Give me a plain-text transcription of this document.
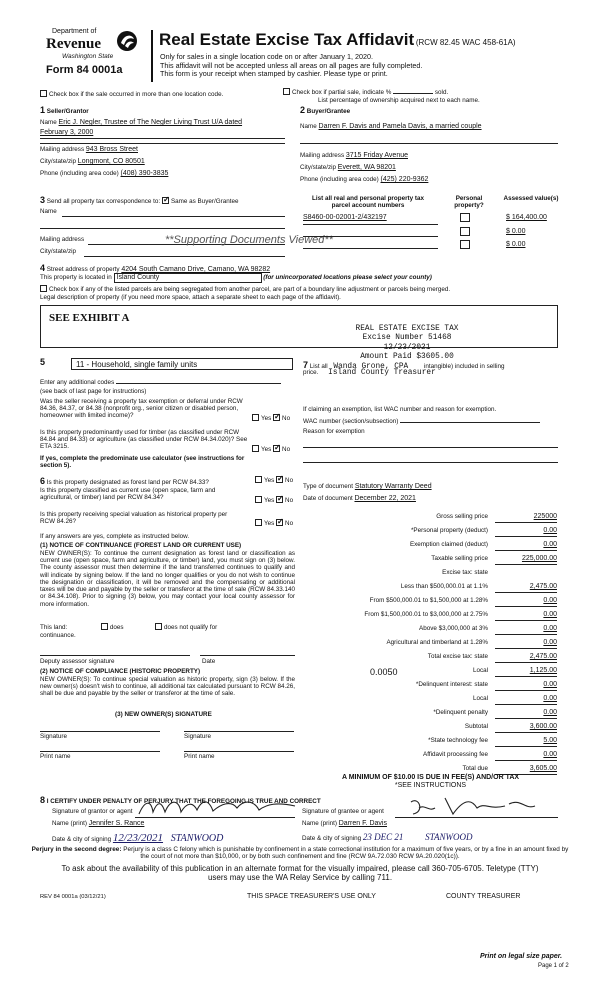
Department of
Revenue
Washington State
Form 84 0001a
Real Estate Excise Tax Affidavit (RCW 82.45 WAC 458-61A)
Only for sales in a single location code on or after January 1, 2020.
This affidavit will not be accepted unless all areas on all pages are fully completed.
This form is your receipt when stamped by cashier. Please type or print.
Check box if the sale occurred in more than one location code.	Check box if partial sale, indicate %	sold.
List percentage of ownership acquired next to each name.
1 Seller/Grantor
Name Eric J. Negler, Trustee of The Negler Living Trust U/A dated
February 3, 2000
Mailing address 943 Bross Street
City/state/zip Longmont, CO 80501
Phone (including area code) (408) 390-3835
2 Buyer/Grantee
Name Darren F. Davis and Pamela Davis, a married couple
Mailing address 3715 Friday Avenue
City/state/zip Everett, WA 98201
Phone (including area code) (425) 220-9362
3 Send all property tax correspondence to: ✓ Same as Buyer/Grantee
Name
Mailing address
City/state/zip
**Supporting Documents Viewed**
List all real and personal property tax parcel account numbers
Personal property?
Assessed value(s)
S8460-00-02001-2/432197	$ 164,400.00
$ 0.00
$ 0.00
4 Street address of property 4204 South Camano Drive, Camano, WA 98282
This property is located in Island County	(for unincorporated locations please select your county)
Check box if any of the listed parcels are being segregated from another parcel, are part of a boundary line adjustment or parcels being merged.
Legal description of property (if you need more space, attach a separate sheet to each page of the affidavit).
SEE EXHIBIT A
REAL ESTATE EXCISE TAX
Excise Number 51468
12/23/2021
Amount Paid $3605.00
5	11 - Household, single family units	7 List all Wanda Grone, CPA	intangible) included in selling
price. Island County Treasurer
Enter any additional codes
(see back of last page for instructions)
Was the seller receiving a property tax exemption or deferral under RCW 84.36, 84.37, or 84.38 (nonprofit org., senior citizen or disabled person, homeowner with limited income)?	Yes ✓ No
Is this property predominantly used for timber (as classified under RCW 84.84 and 84.33) or agriculture (as classified under RCW 84.34.020)? See ETA 3215.	Yes ✓ No
If yes, complete the predominate use calculator (see instructions for section 5).
If claiming an exemption, list WAC number and reason for exemption.
WAC number (section/subsection)
Reason for exemption
6 Is this property designated as forest land per RCW 84.33?	Yes ✓ No
Is this property classified as current use (open space, farm and agricultural, or timber) land per RCW 84.34?	Yes ✓ No
Is this property receiving special valuation as historical property per RCW 84.26?	Yes ✓ No
If any answers are yes, complete as instructed below.
(1) NOTICE OF CONTINUANCE (FOREST LAND OR CURRENT USE)
NEW OWNER(S): To continue the current designation as forest land or classification as current use (open space, farm and agriculture, or timber) land, you must sign on (3) below. The county assessor must then determine if the land transferred continues to qualify and will indicate by signing below. If the land no longer qualifies or you do not wish to continue the designation or classification, it will be removed and the compensating or additional taxes will be due and payable by the seller or transferor at the time of sale (RCW 84.33.140 or 84.34.108). Prior to signing (3) below, you may contact your local county assessor for more information.
This land:	does	does not qualify for
continuance.
Deputy assessor signature	Date
(2) NOTICE OF COMPLIANCE (HISTORIC PROPERTY)
NEW OWNER(S): To continue special valuation as historic property, sign (3) below. If the new owner(s) doesn't wish to continue, all additional tax calculated pursuant to RCW 84.26, shall be due and payable by the seller or transferor at the time of sale.
(3) NEW OWNER(S) SIGNATURE
Signature	Signature
Print name	Print name
Type of document Statutory Warranty Deed
Date of document December 22, 2021
Gross selling price	225000
*Personal property (deduct)	0.00
Exemption claimed (deduct)	0.00
Taxable selling price	225,000.00
Excise tax: state
Less than $500,000.01 at 1.1%	2,475.00
From $500,000.01 to $1,500,000 at 1.28%	0.00
From $1,500,000.01 to $3,000,000 at 2.75%	0.00
Above $3,000,000 at 3%	0.00
Agricultural and timberland at 1.28%	0.00
Total excise tax: state	2,475.00
Local	1,125.00
*Delinquent interest: state	0.00
Local	0.00
*Delinquent penalty	0.00
Subtotal	3,600.00
*State technology fee	5.00
Affidavit processing fee	0.00
Total due	3,605.00
0.0050
A MINIMUM OF $10.00 IS DUE IN FEE(S) AND/OR TAX
*SEE INSTRUCTIONS
8 I CERTIFY UNDER PENALTY OF PERJURY THAT THE FOREGOING IS TRUE AND CORRECT
Signature of grantor or agent
Name (print) Jennifer S. Rance
Date & city of signing 12/23/2021 STANWOOD
Signature of grantee or agent
Name (print) Darren F. Davis
Date & city of signing 23 DEC 21 STANWOOD
Perjury in the second degree: Perjury is a class C felony which is punishable by confinement in a state correctional institution for a maximum of five years, or by a fine in an amount fixed by the court of not more than $10,000, or by both such confinement and fine (RCW 9A.72.030 RCW 9A.20.020(1c)).
To ask about the availability of this publication in an alternate format for the visually impaired, please call 360-705-6705. Teletype (TTY) users may use the WA Relay Service by calling 711.
REV 84 0001a (03/12/21)	THIS SPACE TREASURER'S USE ONLY	COUNTY TREASURER
Print on legal size paper.
Page 1 of 2
